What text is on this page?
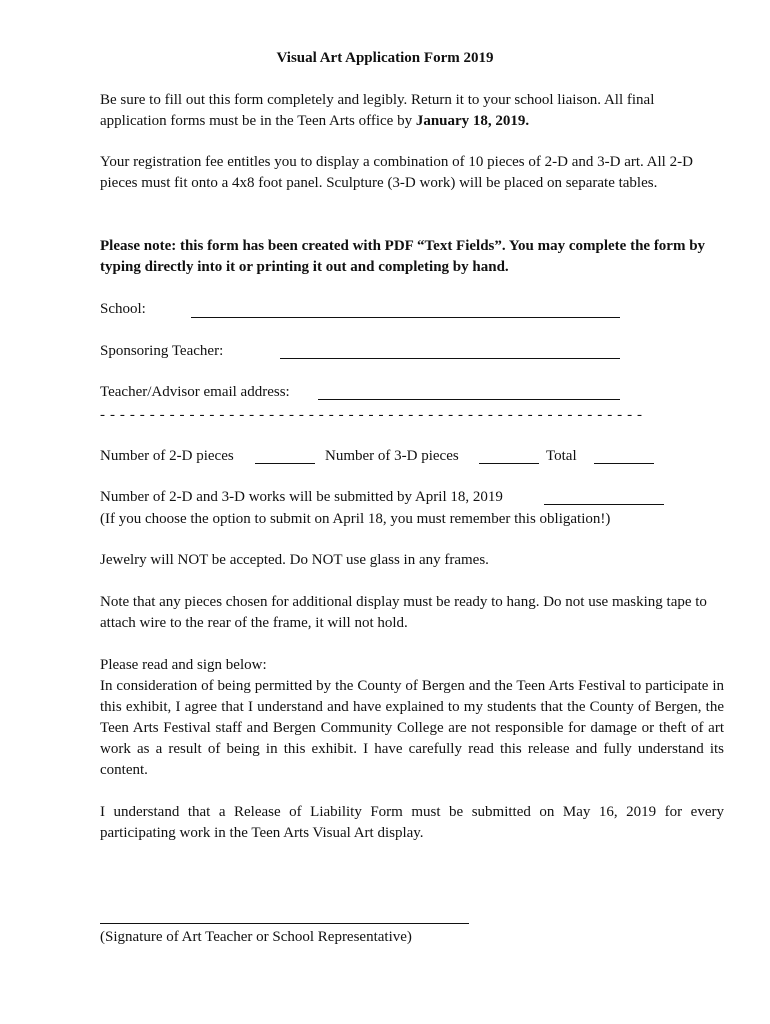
Visual Art Application Form 2019

Be sure to fill out this form completely and legibly. Return it to your school liaison. All final application forms must be in the Teen Arts office by January 18, 2019.

Your registration fee entitles you to display a combination of 10 pieces of 2-D and 3-D art. All 2-D pieces must fit onto a 4x8 foot panel. Sculpture (3-D work) will be placed on separate tables.

Please note: this form has been created with PDF “Text Fields”. You may complete the form by typing directly into it or printing it out and completing by hand.

School:
Sponsoring Teacher:
Teacher/Advisor email address:
- - - - - - - - - - - - - - - - - - - - - - - - - - - - - - - - - - - - - - - - - - - - - - - - - - - - - - -
Number of 2-D pieces	Number of 3-D pieces	Total
Number of 2-D and 3-D works will be submitted by April 18, 2019

(If you choose the option to submit on April 18, you must remember this obligation!)

Jewelry will NOT be accepted. Do NOT use glass in any frames.

Note that any pieces chosen for additional display must be ready to hang. Do not use masking tape to attach wire to the rear of the frame, it will not hold.

Please read and sign below:

In consideration of being permitted by the County of Bergen and the Teen Arts Festival to participate in this exhibit, I agree that I understand and have explained to my students that the County of Bergen, the Teen Arts Festival staff and Bergen Community College are not responsible for damage or theft of art work as a result of being in this exhibit. I have carefully read this release and fully understand its content.

I understand that a Release of Liability Form must be submitted on May 16, 2019 for every participating work in the Teen Arts Visual Art display.

(Signature of Art Teacher or School Representative)
